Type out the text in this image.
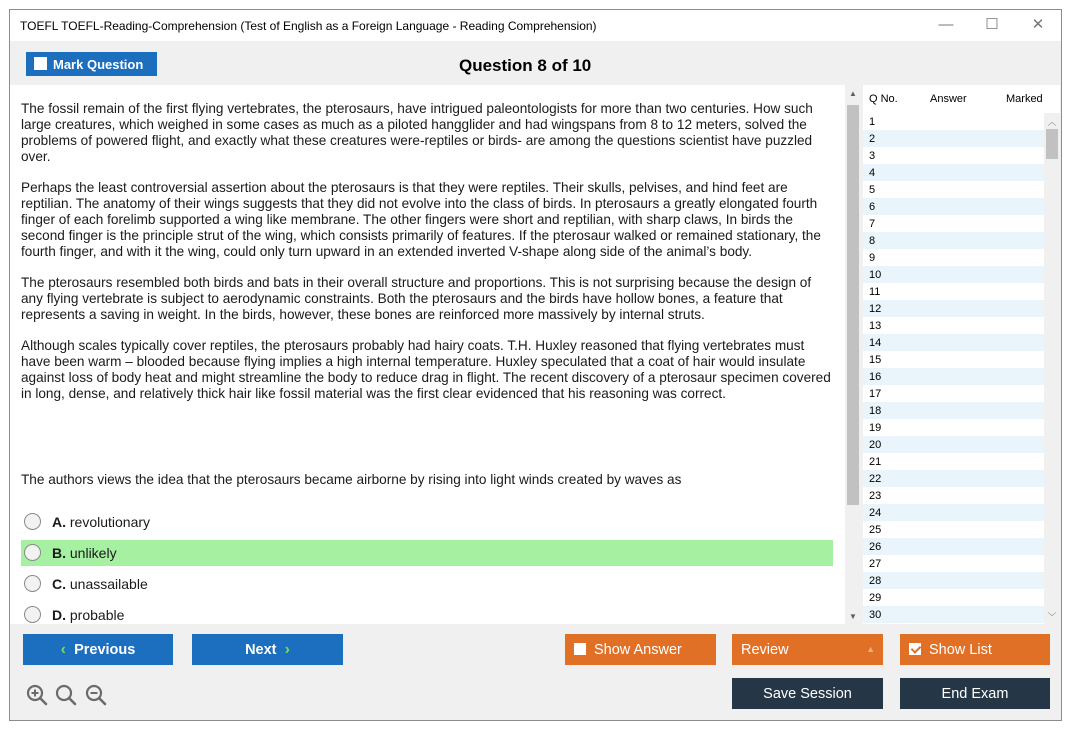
TOEFL TOEFL-Reading-Comprehension (Test of English as a Foreign Language - Reading Comprehension)	—	☐	✕
Mark Question	Question 8 of 10

The fossil remain of the first flying vertebrates, the pterosaurs, have intrigued paleontologists for more than two centuries. How such large creatures, which weighed in some cases as much as a piloted hangglider and had wingspans from 8 to 12 meters, solved the problems of powered flight, and exactly what these creatures were-reptiles or birds- are among the questions scientist have puzzled over.

Perhaps the least controversial assertion about the pterosaurs is that they were reptiles. Their skulls, pelvises, and hind feet are reptilian. The anatomy of their wings suggests that they did not evolve into the class of birds. In pterosaurs a greatly elongated fourth finger of each forelimb supported a wing like membrane. The other fingers were short and reptilian, with sharp claws, In birds the second finger is the principle strut of the wing, which consists primarily of features. If the pterosaur walked or remained stationary, the fourth finger, and with it the wing, could only turn upward in an extended inverted V-shape along side of the animal’s body.

The pterosaurs resembled both birds and bats in their overall structure and proportions. This is not surprising because the design of any flying vertebrate is subject to aerodynamic constraints. Both the pterosaurs and the birds have hollow bones, a feature that represents a saving in weight. In the birds, however, these bones are reinforced more massively by internal struts.

Although scales typically cover reptiles, the pterosaurs probably had hairy coats. T.H. Huxley reasoned that flying vertebrates must have been warm – blooded because flying implies a high internal temperature. Huxley speculated that a coat of hair would insulate against loss of body heat and might streamline the body to reduce drag in flight. The recent discovery of a pterosaur specimen covered in long, dense, and relatively thick hair like fossil material was the first clear evidenced that his reasoning was correct.

The authors views the idea that the pterosaurs became airborne by rising into light winds created by waves as
A. revolutionary
B. unlikely
C. unassailable
D. probable
▲
▼
Q No.	Answer	Marked
1
2
3
4
5
6
7
8
9
10
11
12
13
14
15
16
17
18
19
20
21
22
23
24
25
26
27
28
29
30
︿
﹀
‹ Previous	Next ›	Show Answer	Review	▲	Show List
Save Session	End Exam
